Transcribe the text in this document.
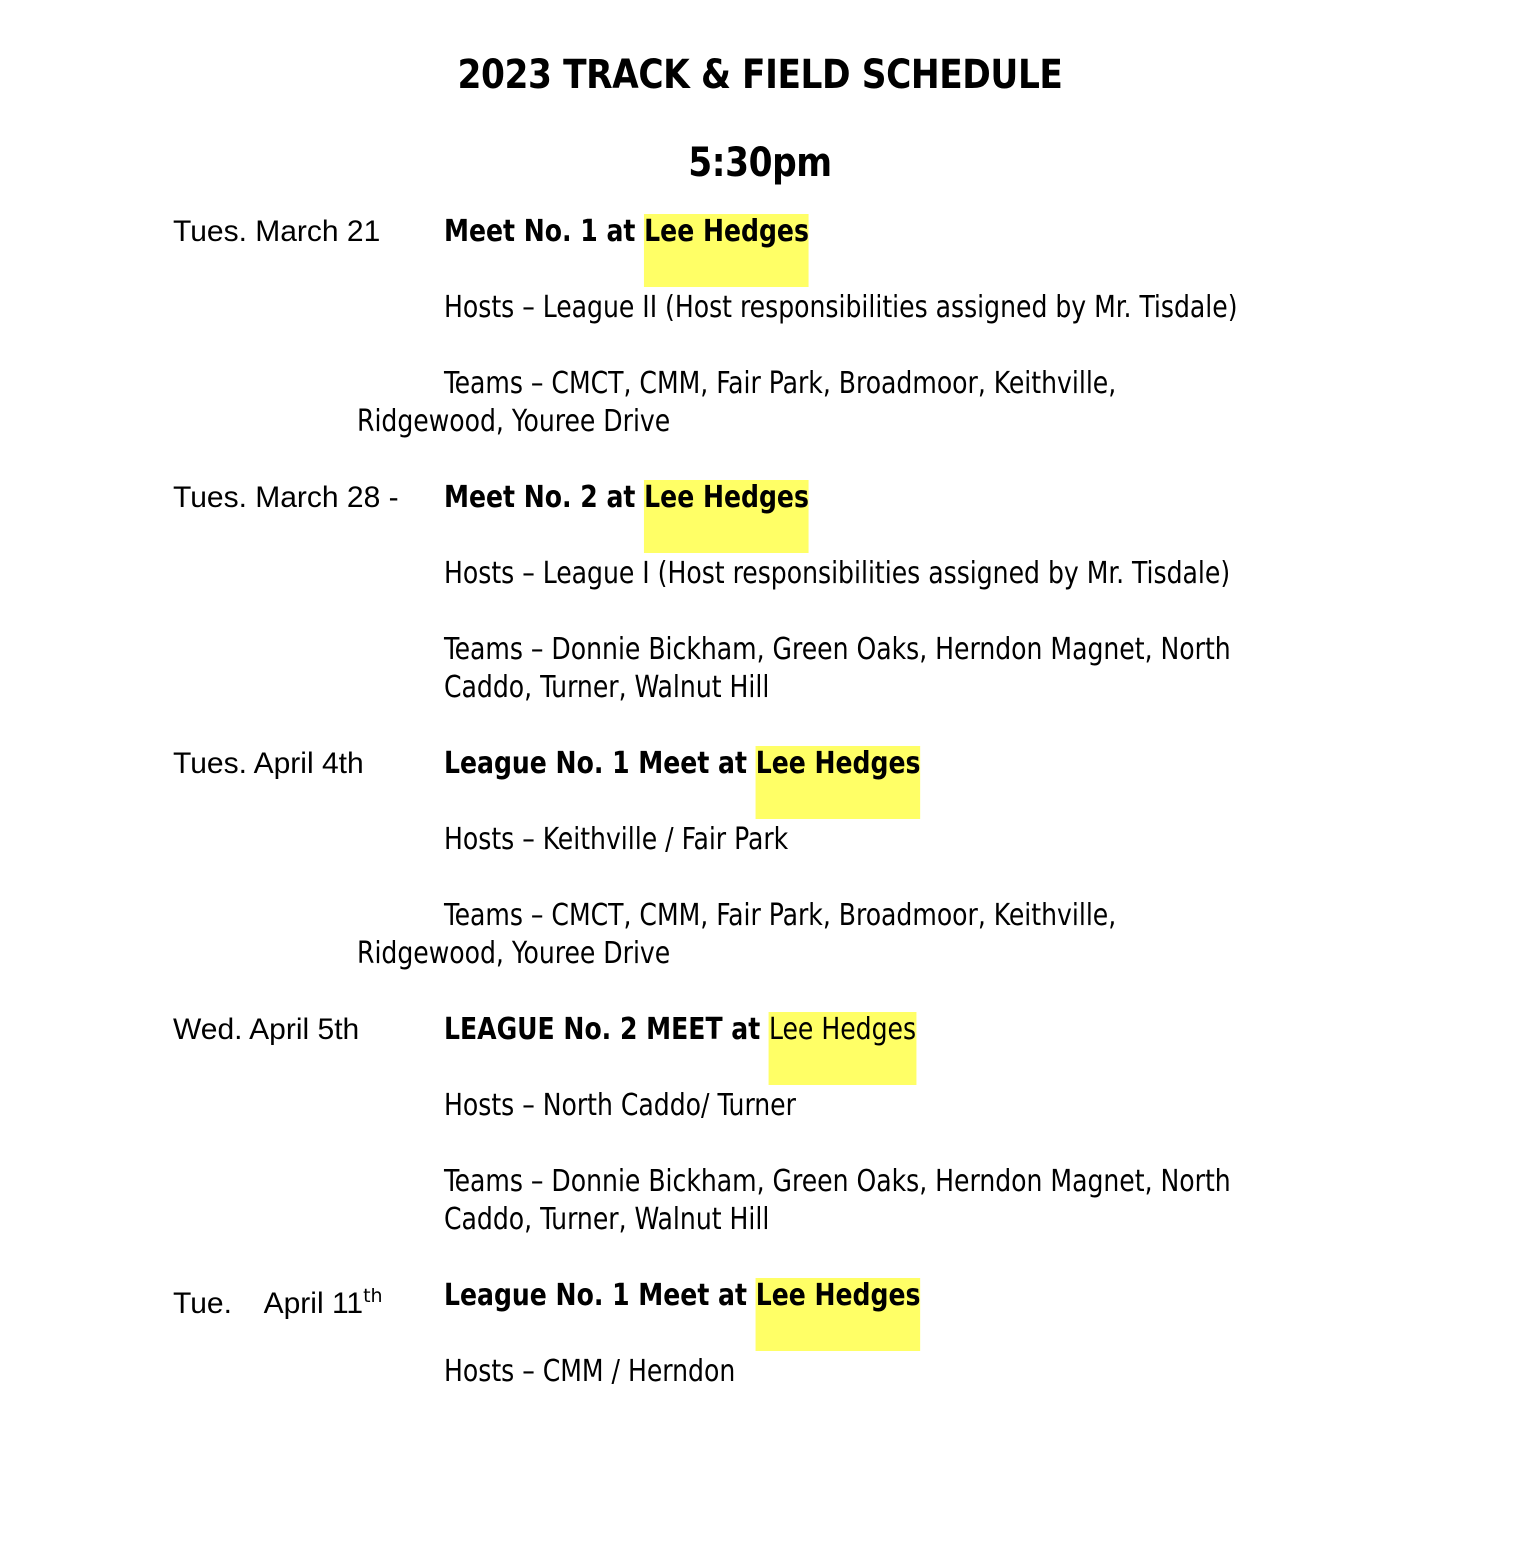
2023 TRACK & FIELD SCHEDULE
5:30pm
Tues. March 21 Meet No. 1 at Lee Hedges
Hosts – League II (Host responsibilities assigned by Mr. Tisdale)
Teams – CMCT, CMM, Fair Park, Broadmoor, Keithville,
Ridgewood, Youree Drive
Tues. March 28 - Meet No. 2 at Lee Hedges
Hosts – League I (Host responsibilities assigned by Mr. Tisdale)
Teams – Donnie Bickham, Green Oaks, Herndon Magnet, North
Caddo, Turner, Walnut Hill
Tues. April 4th	League No. 1 Meet at Lee Hedges
Hosts – Keithville / Fair Park
Teams – CMCT, CMM, Fair Park, Broadmoor, Keithville,
Ridgewood, Youree Drive
Wed. April 5th	LEAGUE No. 2 MEET at Lee Hedges
Hosts – North Caddo/ Turner
Teams – Donnie Bickham, Green Oaks, Herndon Magnet, North
Caddo, Turner, Walnut Hill
Tue.    April 11th League No. 1 Meet at Lee Hedges
Hosts – CMM / Herndon
